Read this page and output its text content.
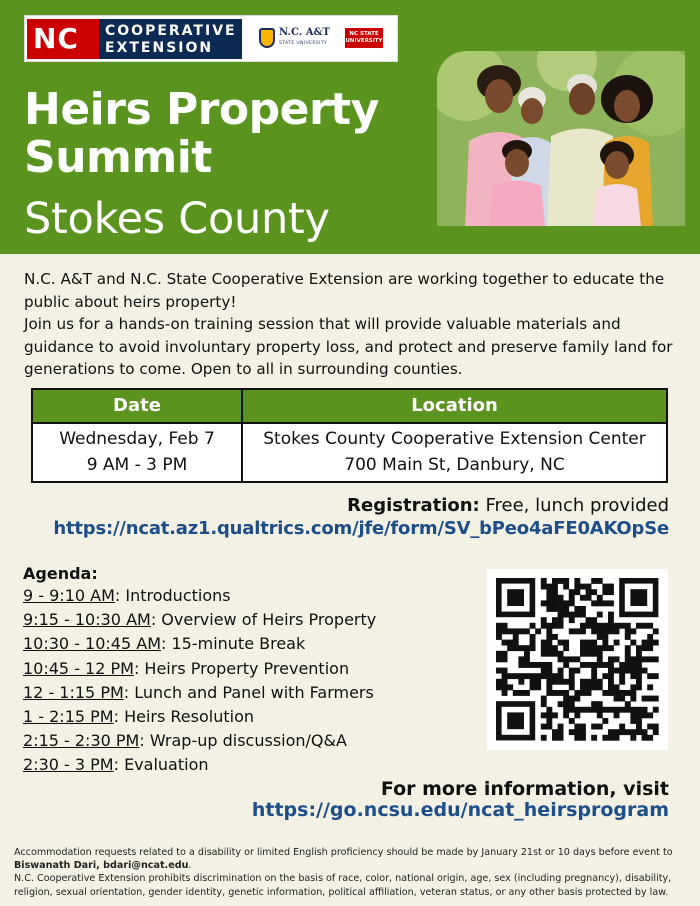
NC COOPERATIVE
EXTENSION
N.C. A&T
STATE UNIVERSITY
NC STATE
UNIVERSITY
Heirs Property
Summit
Stokes County

N.C. A&T and N.C. State Cooperative Extension are working together to educate the public about heirs property!

Join us for a hands-on training session that will provide valuable materials and guidance to avoid involuntary property loss, and protect and preserve family land for generations to come. Open to all in surrounding counties.

Date	Location
Wednesday, Feb 7
9 AM - 3 PM
Stokes County Cooperative Extension Center
700 Main St, Danbury, NC
Registration: Free, lunch provided
https://ncat.az1.qualtrics.com/jfe/form/SV_bPeo4aFE0AKOpSe
Agenda:
9 - 9:10 AM: Introductions
9:15 - 10:30 AM: Overview of Heirs Property
10:30 - 10:45 AM: 15-minute Break
10:45 - 12 PM: Heirs Property Prevention
12 - 1:15 PM: Lunch and Panel with Farmers
1 - 2:15 PM: Heirs Resolution
2:15 - 2:30 PM: Wrap-up discussion/Q&A
2:30 - 3 PM: Evaluation
For more information, visit
https://go.ncsu.edu/ncat_heirsprogram

Accommodation requests related to a disability or limited English proficiency should be made by January 21st or 10 days before event to
Biswanath Dari, bdari@ncat.edu.

N.C. Cooperative Extension prohibits discrimination on the basis of race, color, national origin, age, sex (including pregnancy), disability, religion, sexual orientation, gender identity, genetic information, political affiliation, veteran status, or any other basis protected by law.
